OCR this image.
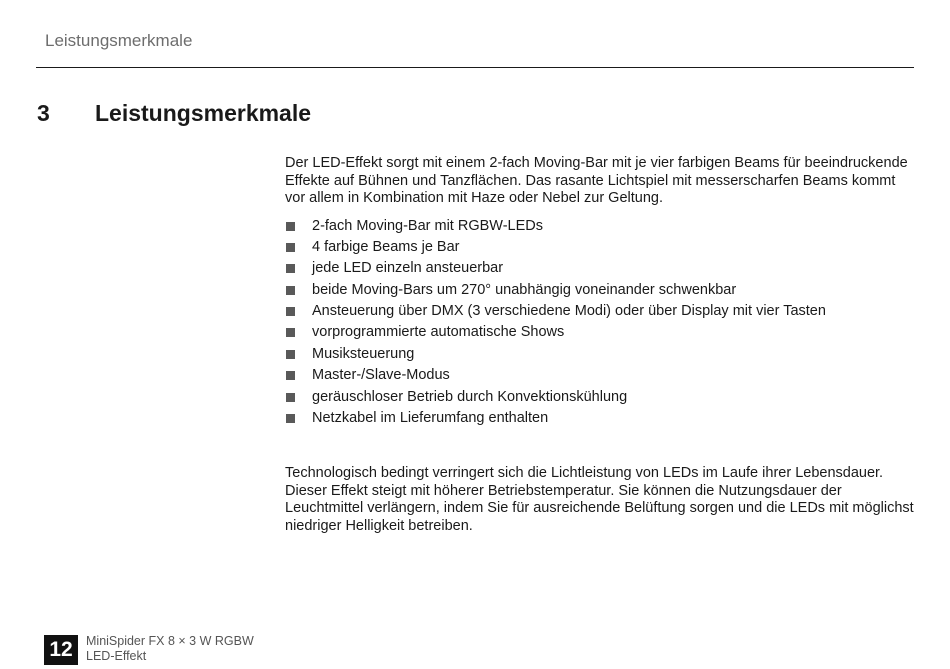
Leistungsmerkmale
3 Leistungsmerkmale

Der LED-Effekt sorgt mit einem 2-fach Moving-Bar mit je vier farbigen Beams für beeindruckende Effekte auf Bühnen und Tanzflächen. Das rasante Lichtspiel mit messerscharfen Beams kommt vor allem in Kombination mit Haze oder Nebel zur Geltung.

2-fach Moving-Bar mit RGBW-LEDs
4 farbige Beams je Bar
jede LED einzeln ansteuerbar
beide Moving-Bars um 270° unabhängig voneinander schwenkbar
Ansteuerung über DMX (3 verschiedene Modi) oder über Display mit vier Tasten
vorprogrammierte automatische Shows
Musiksteuerung
Master-/Slave-Modus
geräuschloser Betrieb durch Konvektionskühlung
Netzkabel im Lieferumfang enthalten

Technologisch bedingt verringert sich die Lichtleistung von LEDs im Laufe ihrer Lebensdauer. Dieser Effekt steigt mit höherer Betriebstemperatur. Sie können die Nutzungsdauer der Leuchtmittel verlängern, indem Sie für ausreichende Belüftung sorgen und die LEDs mit möglichst niedriger Helligkeit betreiben.

12	MiniSpider FX 8 × 3 W RGBW
LED-Effekt
